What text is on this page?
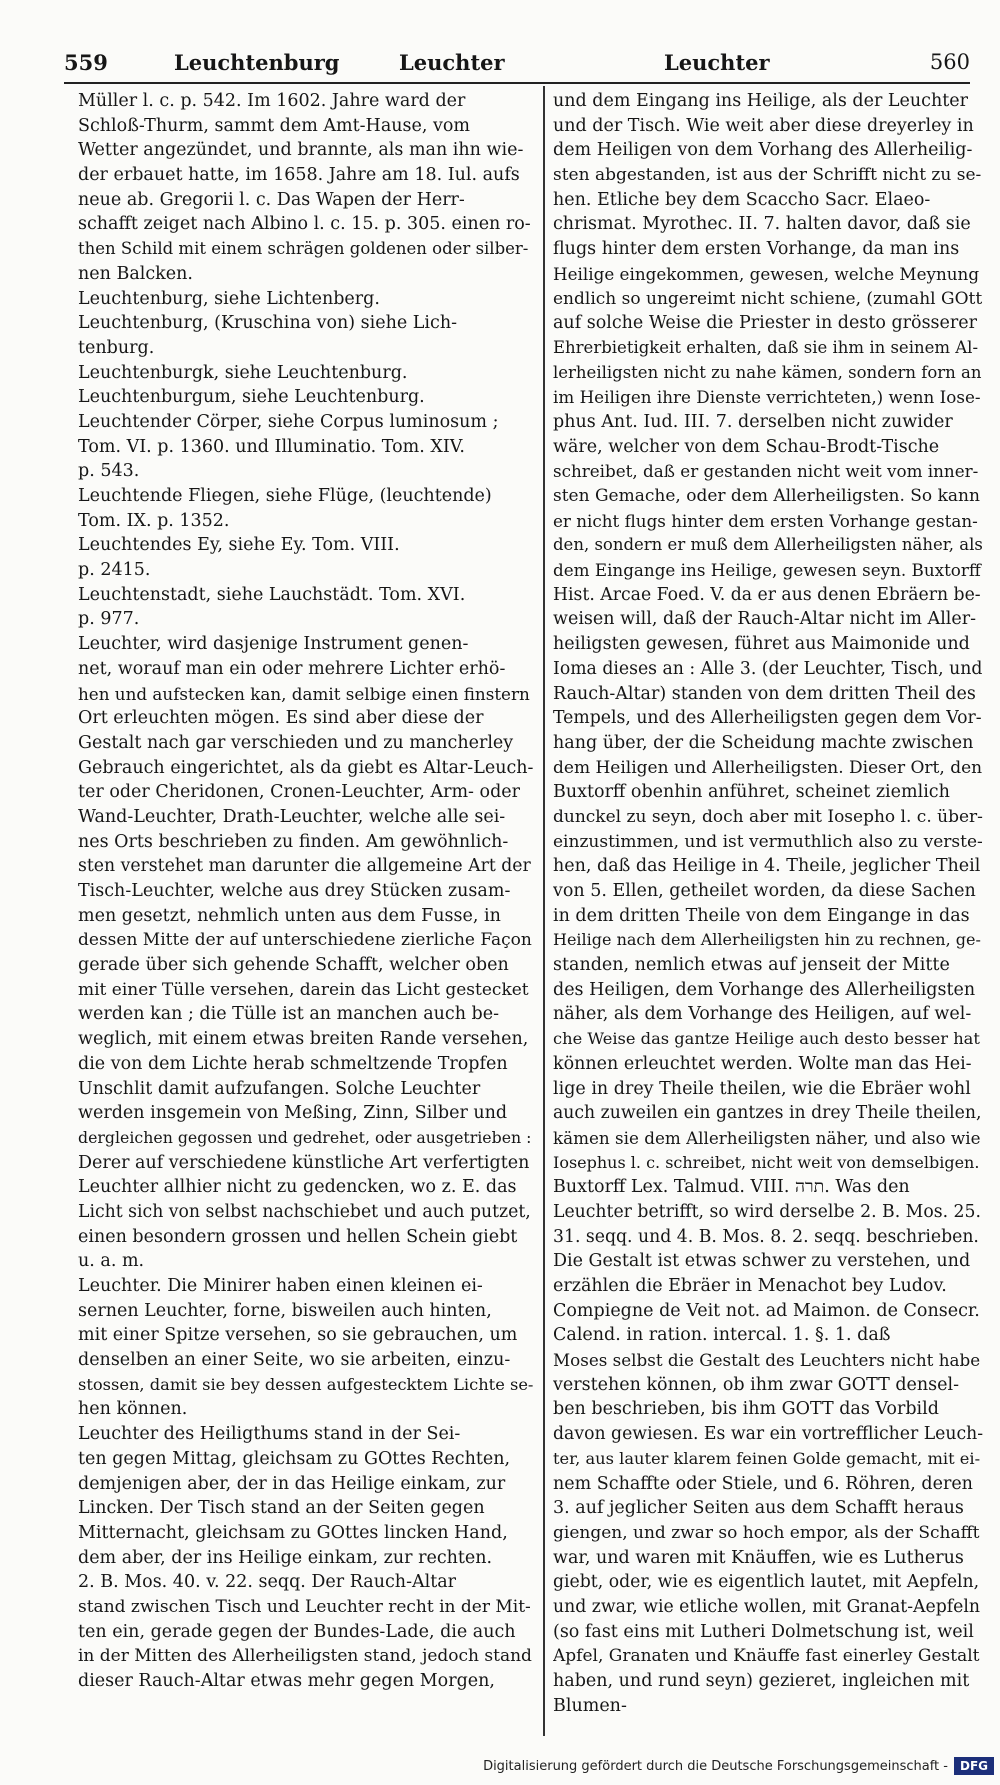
559	Leuchtenburg	Leuchter	Leuchter	560
Müller l. c. p. 542. Im 1602. Jahre ward der
Schloß-Thurm, sammt dem Amt-Hause, vom
Wetter angezündet, und brannte, als man ihn wie-
der erbauet hatte, im 1658. Jahre am 18. Iul. aufs
neue ab. Gregorii l. c. Das Wapen der Herr-
schafft zeiget nach Albino l. c. 15. p. 305. einen ro-
then Schild mit einem schrägen goldenen oder silber-
nen Balcken.
Leuchtenburg, siehe Lichtenberg.
Leuchtenburg, (Kruschina von) siehe Lich-
tenburg.
Leuchtenburgk, siehe Leuchtenburg.
Leuchtenburgum, siehe Leuchtenburg.
Leuchtender Cörper, siehe Corpus luminosum ;
Tom. VI. p. 1360. und Illuminatio. Tom. XIV.
p. 543.
Leuchtende Fliegen, siehe Flüge, (leuchtende)
Tom. IX. p. 1352.
Leuchtendes Ey, siehe Ey. Tom. VIII.
p. 2415.
Leuchtenstadt, siehe Lauchstädt. Tom. XVI.
p. 977.
Leuchter, wird dasjenige Instrument genen-
net, worauf man ein oder mehrere Lichter erhö-
hen und aufstecken kan, damit selbige einen finstern
Ort erleuchten mögen. Es sind aber diese der
Gestalt nach gar verschieden und zu mancherley
Gebrauch eingerichtet, als da giebt es Altar-Leuch-
ter oder Cheridonen, Cronen-Leuchter, Arm- oder
Wand-Leuchter, Drath-Leuchter, welche alle sei-
nes Orts beschrieben zu finden. Am gewöhnlich-
sten verstehet man darunter die allgemeine Art der
Tisch-Leuchter, welche aus drey Stücken zusam-
men gesetzt, nehmlich unten aus dem Fusse, in
dessen Mitte der auf unterschiedene zierliche Façon
gerade über sich gehende Schafft, welcher oben
mit einer Tülle versehen, darein das Licht gestecket
werden kan ; die Tülle ist an manchen auch be-
weglich, mit einem etwas breiten Rande versehen,
die von dem Lichte herab schmeltzende Tropfen
Unschlit damit aufzufangen. Solche Leuchter
werden insgemein von Meßing, Zinn, Silber und
dergleichen gegossen und gedrehet, oder ausgetrieben :
Derer auf verschiedene künstliche Art verfertigten
Leuchter allhier nicht zu gedencken, wo z. E. das
Licht sich von selbst nachschiebet und auch putzet,
einen besondern grossen und hellen Schein giebt
u. a. m.
Leuchter. Die Minirer haben einen kleinen ei-
sernen Leuchter, forne, bisweilen auch hinten,
mit einer Spitze versehen, so sie gebrauchen, um
denselben an einer Seite, wo sie arbeiten, einzu-
stossen, damit sie bey dessen aufgestecktem Lichte se-
hen können.
Leuchter des Heiligthums stand in der Sei-
ten gegen Mittag, gleichsam zu GOttes Rechten,
demjenigen aber, der in das Heilige einkam, zur
Lincken. Der Tisch stand an der Seiten gegen
Mitternacht, gleichsam zu GOttes lincken Hand,
dem aber, der ins Heilige einkam, zur rechten.
2. B. Mos. 40. v. 22. seqq. Der Rauch-Altar
stand zwischen Tisch und Leuchter recht in der Mit-
ten ein, gerade gegen der Bundes-Lade, die auch
in der Mitten des Allerheiligsten stand, jedoch stand
dieser Rauch-Altar etwas mehr gegen Morgen,
und dem Eingang ins Heilige, als der Leuchter
und der Tisch. Wie weit aber diese dreyerley in
dem Heiligen von dem Vorhang des Allerheilig-
sten abgestanden, ist aus der Schrifft nicht zu se-
hen. Etliche bey dem Scaccho Sacr. Elaeo-
chrismat. Myrothec. II. 7. halten davor, daß sie
flugs hinter dem ersten Vorhange, da man ins
Heilige eingekommen, gewesen, welche Meynung
endlich so ungereimt nicht schiene, (zumahl GOtt
auf solche Weise die Priester in desto grösserer
Ehrerbietigkeit erhalten, daß sie ihm in seinem Al-
lerheiligsten nicht zu nahe kämen, sondern forn an
im Heiligen ihre Dienste verrichteten,) wenn Iose-
phus Ant. Iud. III. 7. derselben nicht zuwider
wäre, welcher von dem Schau-Brodt-Tische
schreibet, daß er gestanden nicht weit vom inner-
sten Gemache, oder dem Allerheiligsten. So kann
er nicht flugs hinter dem ersten Vorhange gestan-
den, sondern er muß dem Allerheiligsten näher, als
dem Eingange ins Heilige, gewesen seyn. Buxtorff
Hist. Arcae Foed. V. da er aus denen Ebräern be-
weisen will, daß der Rauch-Altar nicht im Aller-
heiligsten gewesen, führet aus Maimonide und
Ioma dieses an : Alle 3. (der Leuchter, Tisch, und
Rauch-Altar) standen von dem dritten Theil des
Tempels, und des Allerheiligsten gegen dem Vor-
hang über, der die Scheidung machte zwischen
dem Heiligen und Allerheiligsten. Dieser Ort, den
Buxtorff obenhin anführet, scheinet ziemlich
dunckel zu seyn, doch aber mit Iosepho l. c. über-
einzustimmen, und ist vermuthlich also zu verste-
hen, daß das Heilige in 4. Theile, jeglicher Theil
von 5. Ellen, getheilet worden, da diese Sachen
in dem dritten Theile von dem Eingange in das
Heilige nach dem Allerheiligsten hin zu rechnen, ge-
standen, nemlich etwas auf jenseit der Mitte
des Heiligen, dem Vorhange des Allerheiligsten
näher, als dem Vorhange des Heiligen, auf wel-
che Weise das gantze Heilige auch desto besser hat
können erleuchtet werden. Wolte man das Hei-
lige in drey Theile theilen, wie die Ebräer wohl
auch zuweilen ein gantzes in drey Theile theilen,
kämen sie dem Allerheiligsten näher, und also wie
Iosephus l. c. schreibet, nicht weit von demselbigen.
Buxtorff Lex. Talmud. VIII. תרה. Was den
Leuchter betrifft, so wird derselbe 2. B. Mos. 25.
31. seqq. und 4. B. Mos. 8. 2. seqq. beschrieben.
Die Gestalt ist etwas schwer zu verstehen, und
erzählen die Ebräer in Menachot bey Ludov.
Compiegne de Veit not. ad Maimon. de Consecr.
Calend. in ration. intercal. 1. §. 1. daß
Moses selbst die Gestalt des Leuchters nicht habe
verstehen können, ob ihm zwar GOTT densel-
ben beschrieben, bis ihm GOTT das Vorbild
davon gewiesen. Es war ein vortrefflicher Leuch-
ter, aus lauter klarem feinen Golde gemacht, mit ei-
nem Schaffte oder Stiele, und 6. Röhren, deren
3. auf jeglicher Seiten aus dem Schafft heraus
giengen, und zwar so hoch empor, als der Schafft
war, und waren mit Knäuffen, wie es Lutherus
giebt, oder, wie es eigentlich lautet, mit Aepfeln,
und zwar, wie etliche wollen, mit Granat-Aepfeln
(so fast eins mit Lutheri Dolmetschung ist, weil
Apfel, Granaten und Knäuffe fast einerley Gestalt
haben, und rund seyn) gezieret, ingleichen mit
Blumen-
Digitalisierung gefördert durch die Deutsche Forschungsgemeinschaft -	DFG
